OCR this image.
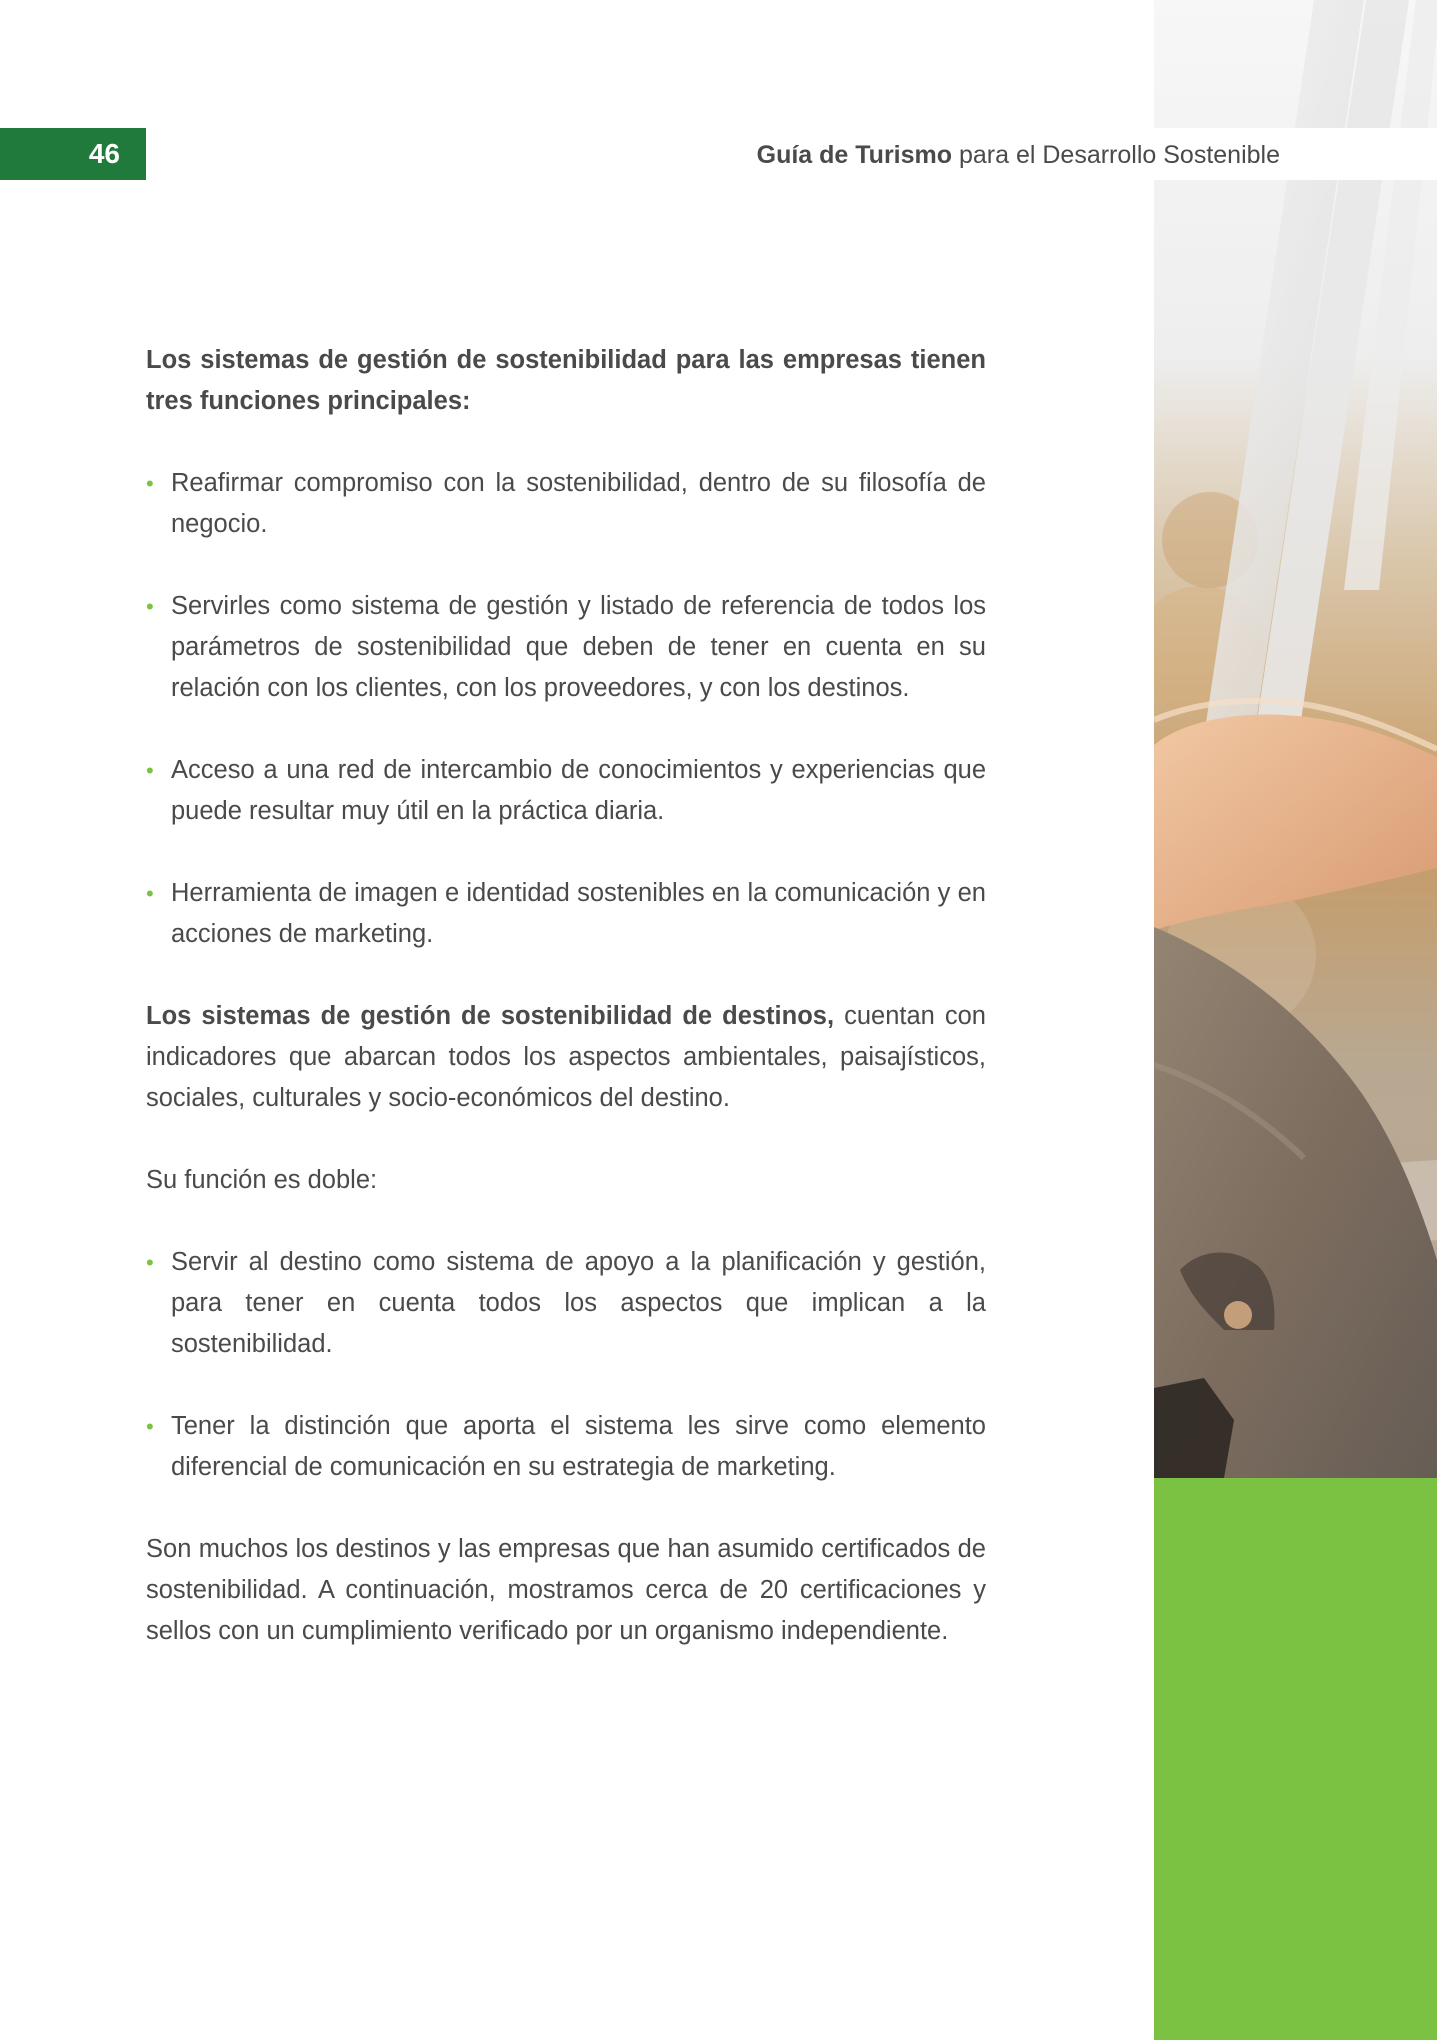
46	Guía de Turismo para el Desarrollo Sostenible

Los sistemas de gestión de sostenibilidad para las empresas tienen tres funciones principales:

• Reafirmar compromiso con la sostenibilidad, dentro de su filosofía de negocio.
• Servirles como sistema de gestión y listado de referencia de todos los parámetros de sostenibilidad que deben de tener en cuenta en su relación con los clientes, con los proveedores, y con los destinos.
• Acceso a una red de intercambio de conocimientos y experiencias que puede resultar muy útil en la práctica diaria.
• Herramienta de imagen e identidad sostenibles en la comunicación y en acciones de marketing.

Los sistemas de gestión de sostenibilidad de destinos, cuentan con indicadores que abarcan todos los aspectos ambientales, paisajísticos, sociales, culturales y socio-económicos del destino.

Su función es doble:

• Servir al destino como sistema de apoyo a la planificación y gestión, para tener en cuenta todos los aspectos que implican a la sostenibilidad.
• Tener la distinción que aporta el sistema les sirve como elemento diferencial de comunicación en su estrategia de marketing.

Son muchos los destinos y las empresas que han asumido certificados de sostenibilidad. A continuación, mostramos cerca de 20 certificaciones y sellos con un cumplimiento verificado por un organismo independiente.
